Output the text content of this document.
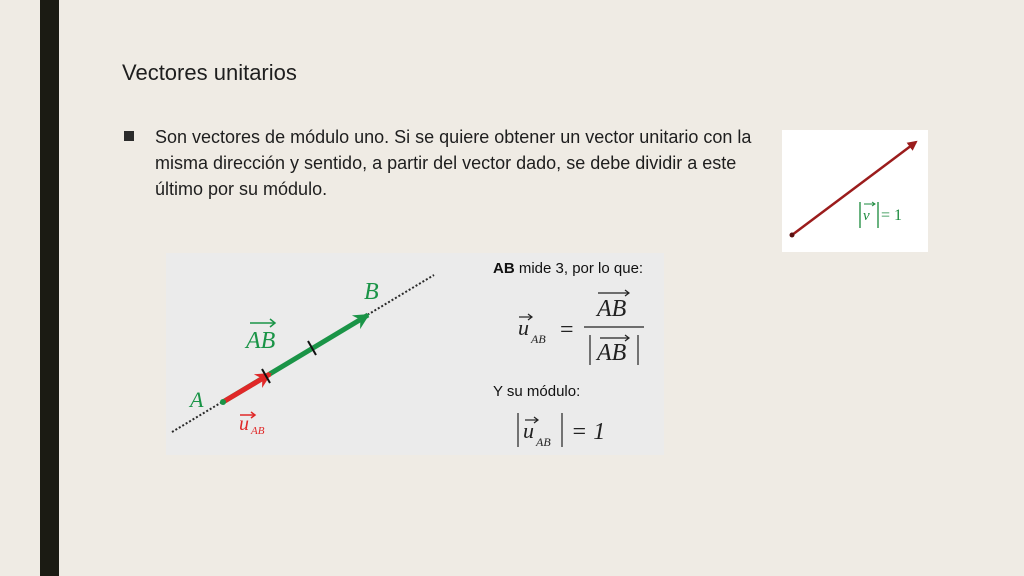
Vectores unitarios
Son vectores de módulo uno. Si se quiere obtener un vector unitario con la misma dirección y sentido, a partir del vector dado, se debe dividir a este último por su módulo.
v = 1
A
B
AB
u AB
AB mide 3, por lo que:
u AB =
AB
AB
Y su módulo:
u AB = 1
